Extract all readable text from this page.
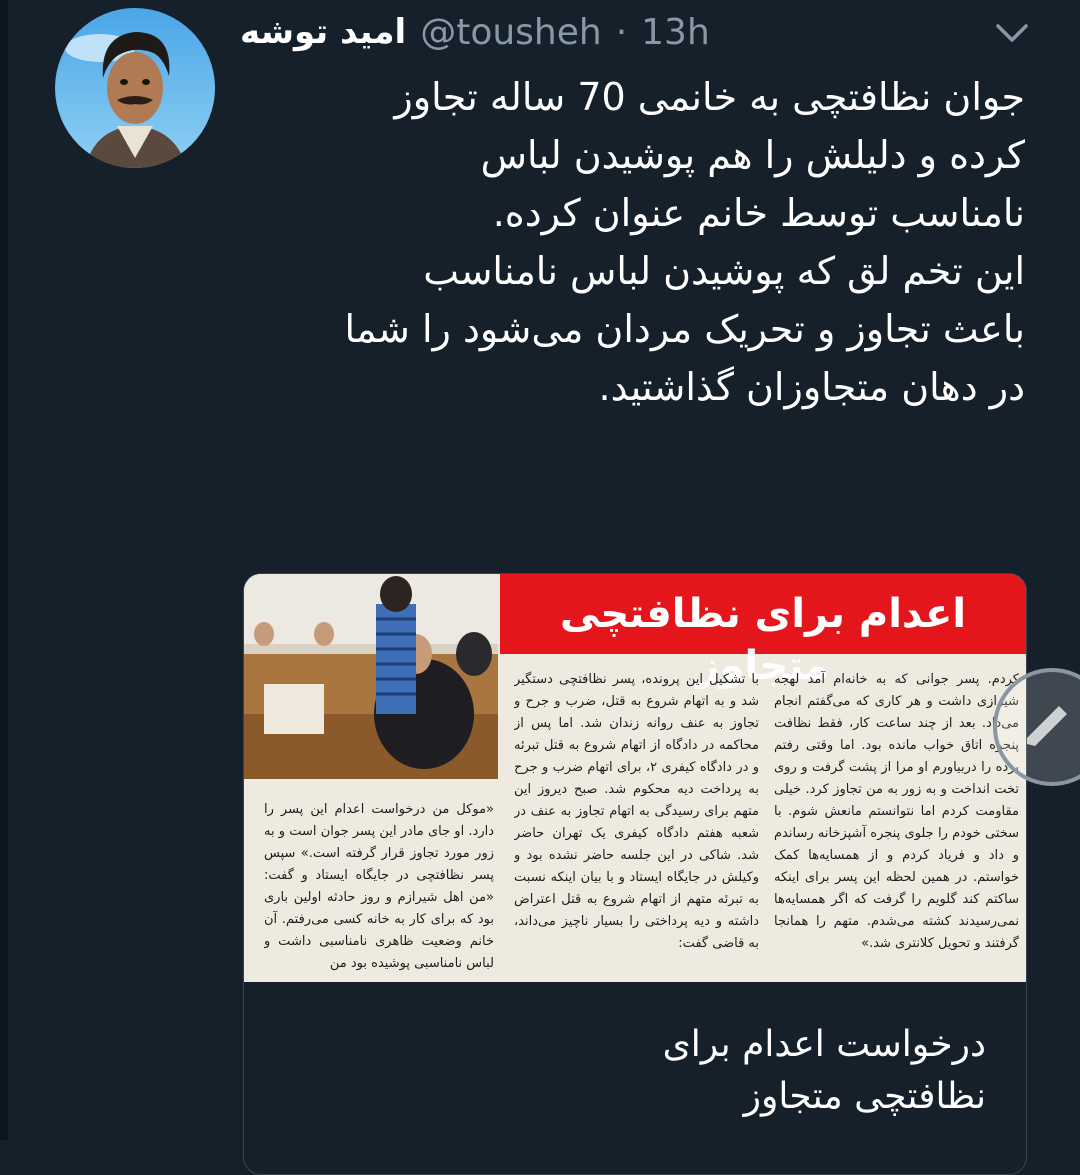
امید توشه @tousheh · 13h
جوان نظافتچی به خانمی 70 ساله تجاوز
کرده و دلیلش را هم پوشیدن لباس
نامناسب توسط خانم عنوان کرده.
این تخم لق که پوشیدن لباس نامناسب
باعث تجاوز و تحریک مردان می‌شود را شما
در دهان متجاوزان گذاشتید.
اعدام برای نظافتچی متجاوز
کردم. پسر جوانی که به خانه‌ام آمد لهجه شیرازی داشت و هر کاری که می‌گفتم انجام می‌داد. بعد از چند ساعت کار، فقط نظافت پنجره اتاق خواب مانده بود. اما وقتی رفتم پرده را دربیاورم او مرا از پشت گرفت و روی تخت انداخت و به زور به من تجاوز کرد. خیلی مقاومت کردم اما نتوانستم مانعش شوم. با سختی خودم را جلوی پنجره آشپزخانه رساندم و داد و فریاد کردم و از همسایه‌ها کمک خواستم. در همین لحظه این پسر برای اینکه ساکتم کند گلویم را گرفت که اگر همسایه‌ها نمی‌رسیدند کشته می‌شدم. متهم را همانجا گرفتند و تحویل کلانتری شد.»
با تشکیل این پرونده، پسر نظافتچی دستگیر شد و به اتهام شروع به قتل، ضرب و جرح و تجاوز به عنف روانه زندان شد. اما پس از محاکمه در دادگاه از اتهام شروع به قتل تبرئه و در دادگاه کیفری ۲، برای اتهام ضرب و جرح به پرداخت دیه محکوم شد. صبح دیروز این متهم برای رسیدگی به اتهام تجاوز به عنف در شعبه هفتم دادگاه کیفری یک تهران حاضر شد. شاکی در این جلسه حاضر نشده بود و وکیلش در جایگاه ایستاد و با بیان اینکه نسبت به تبرئه متهم از اتهام شروع به قتل اعتراض داشته و دیه پرداختی را بسیار ناچیز می‌داند، به قاضی گفت:
«موکل من درخواست اعدام این پسر را دارد. او جای مادر این پسر جوان است و به زور مورد تجاوز قرار گرفته است.» سپس پسر نظافتچی در جایگاه ایستاد و گفت: «من اهل شیرازم و روز حادثه اولین باری بود که برای کار به خانه کسی می‌رفتم. آن خانم وضعیت ظاهری نامناسبی داشت و لباس نامناسبی پوشیده بود من
درخواست اعدام برای
نظافتچی متجاوز
